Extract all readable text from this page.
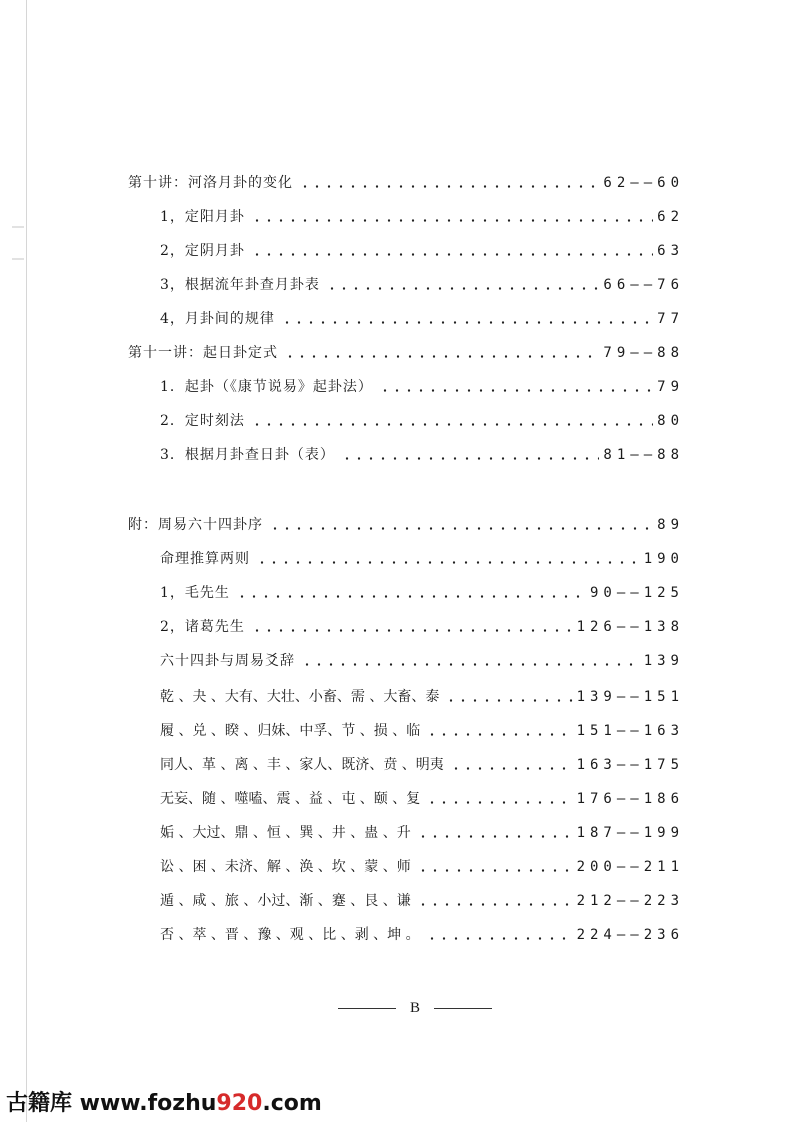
第十讲：河洛月卦的变化	62——60
1，定阳月卦	62
2，定阴月卦	63
3，根据流年卦查月卦表	66——76
4，月卦间的规律	77
第十一讲：起日卦定式	79——88
1．起卦（《康节说易》起卦法）	79
2．定时刻法	80
3．根据月卦查日卦（表）	81——88
附：周易六十四卦序	89
命理推算两则	190
1，毛先生	90——125
2，诸葛先生	126——138
六十四卦与周易爻辞	139
乾 、夬 、大有、大壮、小畜、需 、大畜、泰	139——151
履 、兑 、睽 、归妹、中孚、节 、损 、临	151——163
同人、革 、离 、丰 、家人、既济、贲 、明夷	163——175
无妄、随 、噬嗑、震 、益 、屯 、颐 、复	176——186
姤 、大过、鼎 、恒 、巽 、井 、蛊 、升	187——199
讼 、困 、未济、解 、涣 、坎 、蒙 、师	200——211
遁 、咸 、旅 、小过、渐 、蹇 、艮 、谦	212——223
否 、萃 、晋 、豫 、观 、比 、剥 、坤 。	224——236
B
古籍库 www.fozhu920.com
